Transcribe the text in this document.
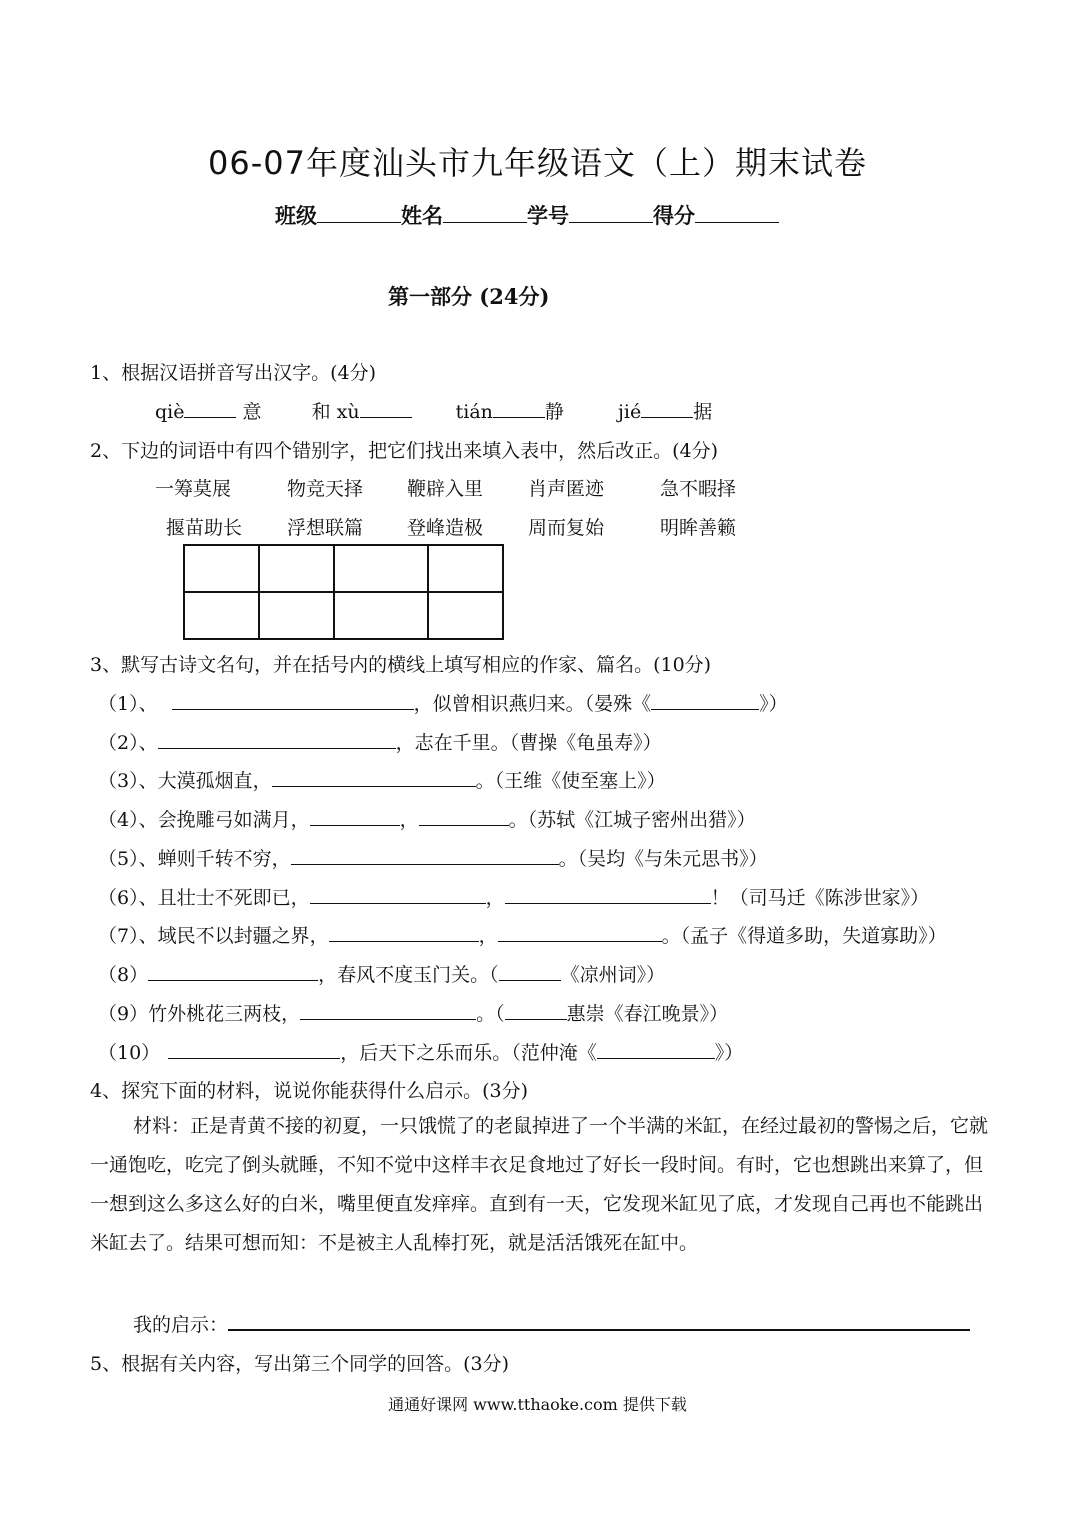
06-07年度汕头市九年级语文（上）期末试卷
班级	姓名	学号	得分
第一部分 (24分)
1、根据汉语拼音写出汉字。(4分)
qiè	意	和 xù	tián	静	jié	据
2、下边的词语中有四个错别字，把它们找出来填入表中，然后改正。(4分)
一筹莫展	物竞天择 鞭辟入里 肖声匿迹	急不暇择
揠苗助长 浮想联篇 登峰造极 周而复始	明眸善籁

3、默写古诗文名句，并在括号内的横线上填写相应的作家、篇名。(10分)
（1）、	，似曾相识燕归来。（晏殊《	》）
（2）、	，志在千里。（曹操《龟虽寿》）
（3）、大漠孤烟直，	。（王维《使至塞上》）
（4）、会挽雕弓如满月，	，	。（苏轼《江城子密州出猎》）
（5）、蝉则千转不穷，	。（吴均《与朱元思书》）
（6）、且壮士不死即已，	，	！（司马迁《陈涉世家》）
（7）、域民不以封疆之界，	，	。（孟子《得道多助，失道寡助》）
（8）	，春风不度玉门关。（	《凉州词》）
（9）竹外桃花三两枝，	。（	惠崇《春江晚景》）
（10）	，后天下之乐而乐。（范仲淹《	》）
4、探究下面的材料，说说你能获得什么启示。(3分)
材料：正是青黄不接的初夏，一只饿慌了的老鼠掉进了一个半满的米缸，在经过最初的警惕之后，它就一通饱吃，吃完了倒头就睡，不知不觉中这样丰衣足食地过了好长一段时间。有时，它也想跳出来算了，但一想到这么多这么好的白米，嘴里便直发痒痒。直到有一天，它发现米缸见了底，才发现自己再也不能跳出米缸去了。结果可想而知：不是被主人乱棒打死，就是活活饿死在缸中。
我的启示：
5、根据有关内容，写出第三个同学的回答。(3分)
通通好课网 www.tthaoke.com 提供下载
